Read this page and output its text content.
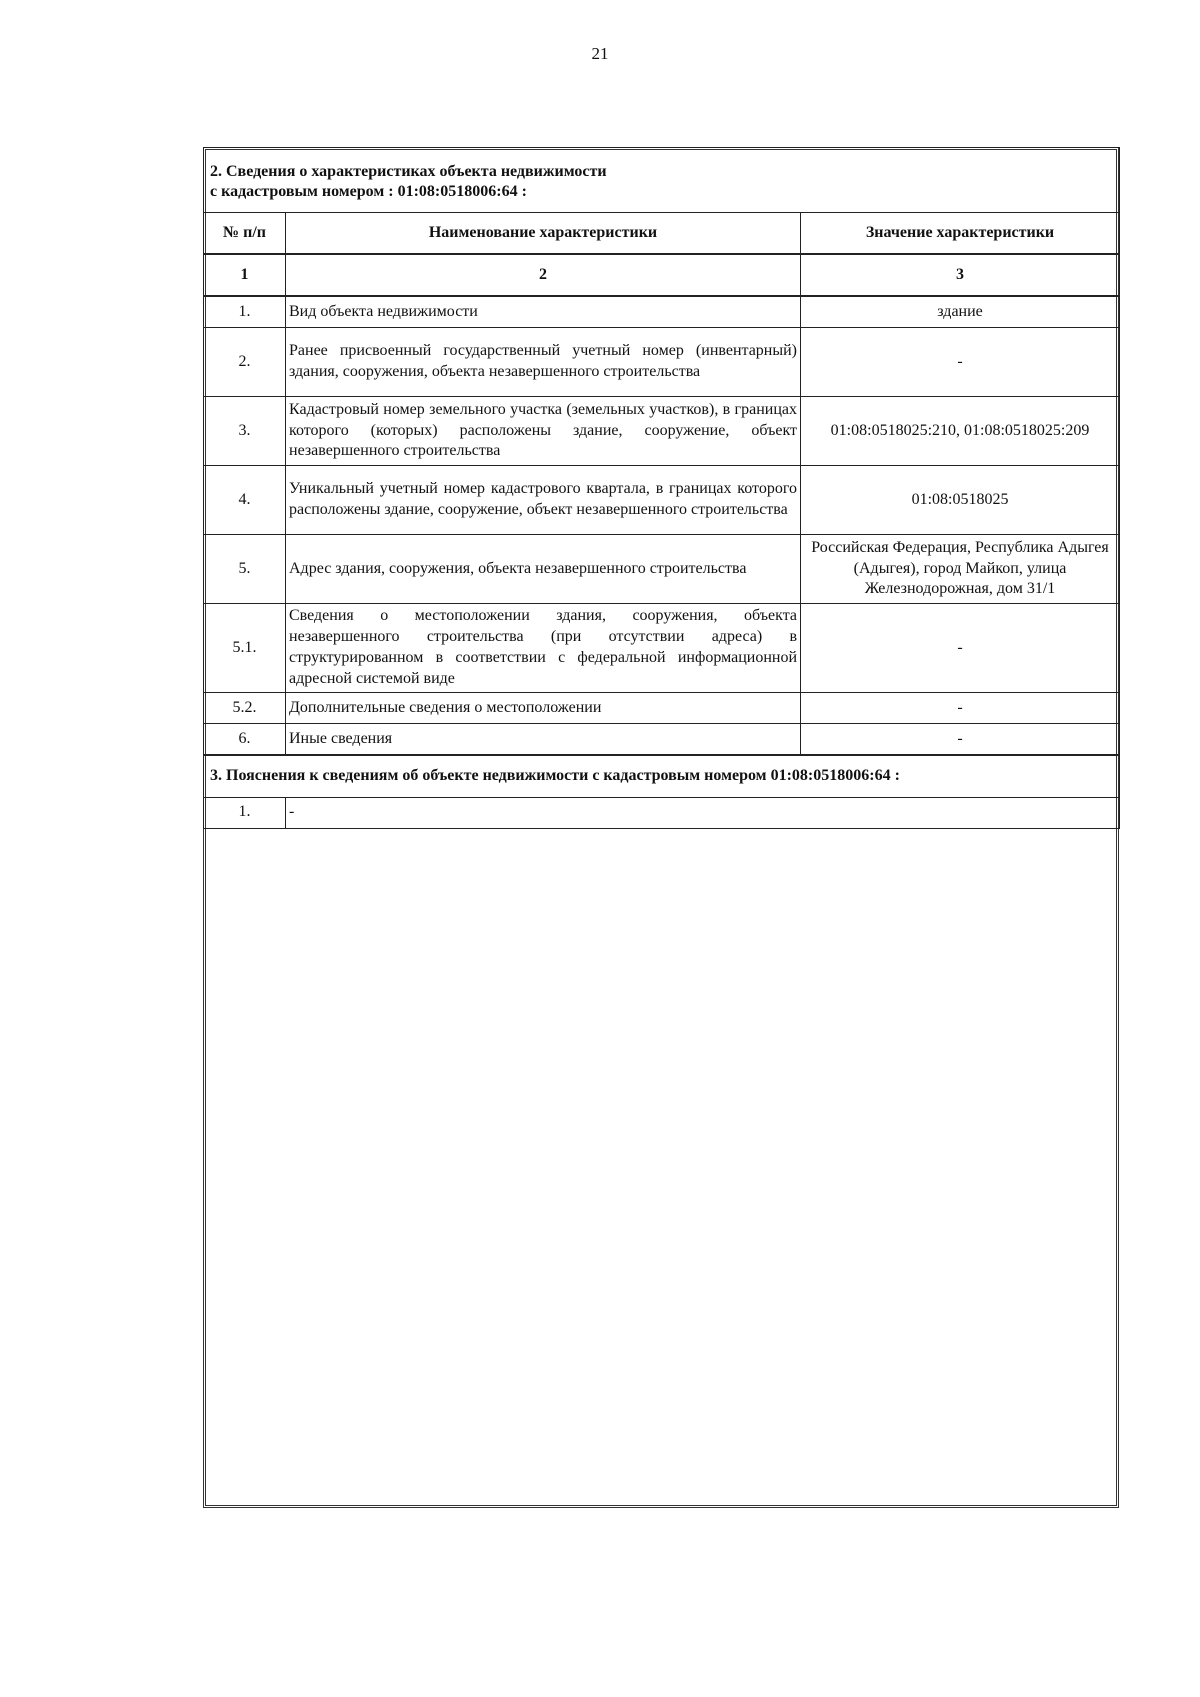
21
2. Сведения о характеристиках объекта недвижимости
с кадастровым номером : 01:08:0518006:64 :		

№ п/п	Наименование характеристики	Значение характеристики
1	2	3
1.	Вид объекта недвижимости	здание
2.	Ранее присвоенный государственный учетный номер (инвентарный) здания, сооружения, объекта незавершенного строительства	-
3.	Кадастровый номер земельного участка (земельных участков), в границах которого (которых) расположены здание, сооружение, объект незавершенного строительства	01:08:0518025:210, 01:08:0518025:209
4.	Уникальный учетный номер кадастрового квартала, в границах которого расположены здание, сооружение, объект незавершенного строительства	01:08:0518025
5.	Адрес здания, сооружения, объекта незавершенного строительства	Российская Федерация, Республика Адыгея (Адыгея), город Майкоп, улица Железнодорожная, дом 31/1
5.1.	Сведения о местоположении здания, сооружения, объекта незавершенного строительства (при отсутствии адреса) в структурированном в соответствии с федеральной информационной адресной системой виде	-
5.2.	Дополнительные сведения о местоположении	-
6.	Иные сведения	-
3. Пояснения к сведениям об объекте недвижимости с кадастровым номером 01:08:0518006:64 :		
1.	-	
